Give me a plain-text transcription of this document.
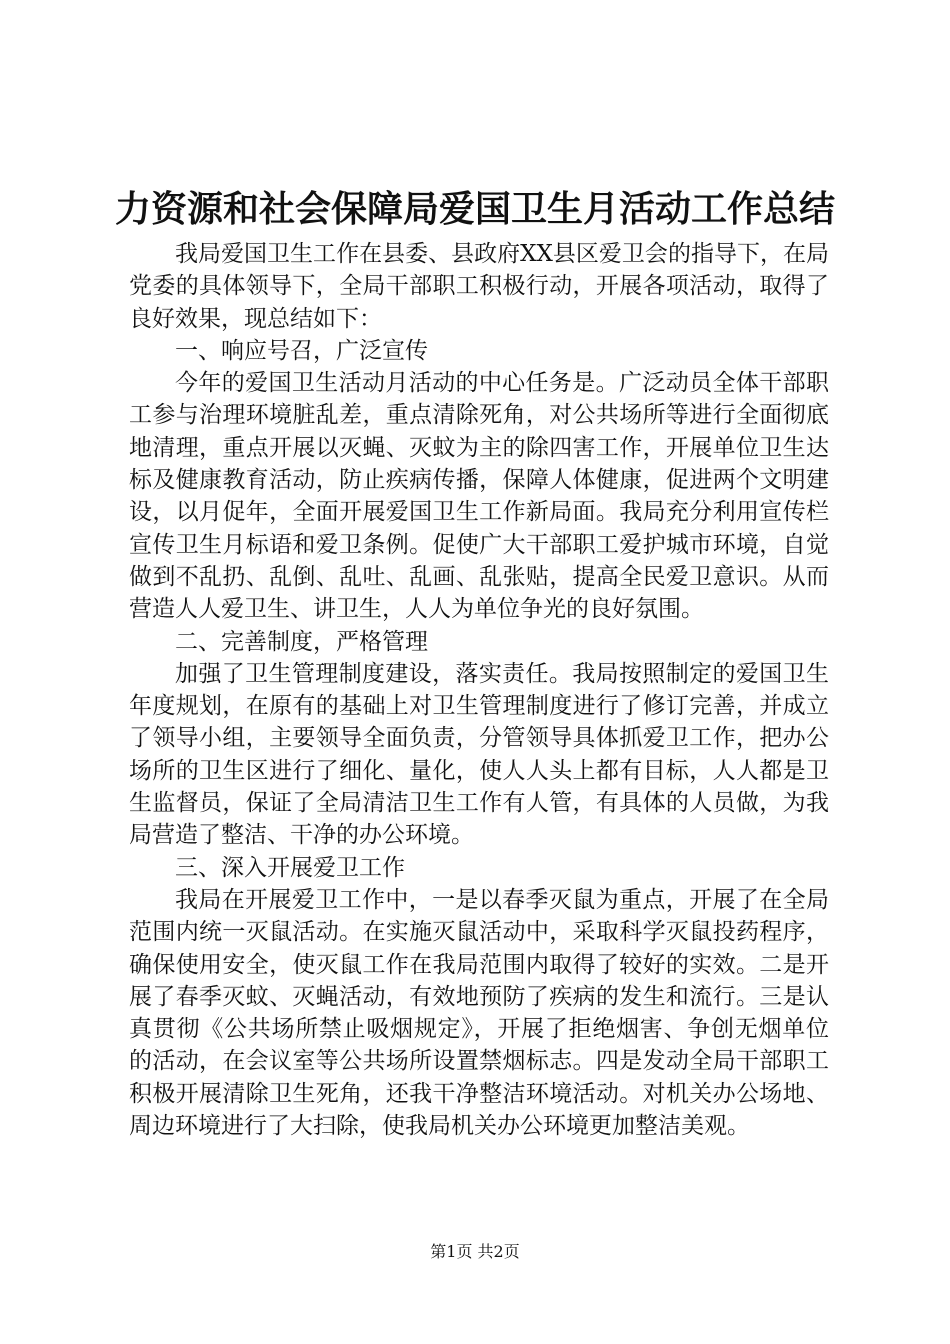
力资源和社会保障局爱国卫生月活动工作总结

我局爱国卫生工作在县委、县政府XX县区爱卫会的指导下，在局党委的具体领导下，全局干部职工积极行动，开展各项活动，取得了良好效果，现总结如下：

一、响应号召，广泛宣传

今年的爱国卫生活动月活动的中心任务是。广泛动员全体干部职工参与治理环境脏乱差，重点清除死角，对公共场所等进行全面彻底地清理，重点开展以灭蝇、灭蚊为主的除四害工作，开展单位卫生达标及健康教育活动，防止疾病传播，保障人体健康，促进两个文明建设，以月促年，全面开展爱国卫生工作新局面。我局充分利用宣传栏宣传卫生月标语和爱卫条例。促使广大干部职工爱护城市环境，自觉做到不乱扔、乱倒、乱吐、乱画、乱张贴，提高全民爱卫意识。从而营造人人爱卫生、讲卫生，人人为单位争光的良好氛围。

二、完善制度，严格管理

加强了卫生管理制度建设，落实责任。我局按照制定的爱国卫生年度规划，在原有的基础上对卫生管理制度进行了修订完善，并成立了领导小组，主要领导全面负责，分管领导具体抓爱卫工作，把办公场所的卫生区进行了细化、量化，使人人头上都有目标，人人都是卫生监督员，保证了全局清洁卫生工作有人管，有具体的人员做，为我局营造了整洁、干净的办公环境。

三、深入开展爱卫工作

我局在开展爱卫工作中，一是以春季灭鼠为重点，开展了在全局范围内统一灭鼠活动。在实施灭鼠活动中，采取科学灭鼠投药程序，确保使用安全，使灭鼠工作在我局范围内取得了较好的实效。二是开展了春季灭蚊、灭蝇活动，有效地预防了疾病的发生和流行。三是认真贯彻《公共场所禁止吸烟规定》，开展了拒绝烟害、争创无烟单位的活动，在会议室等公共场所设置禁烟标志。四是发动全局干部职工积极开展清除卫生死角，还我干净整洁环境活动。对机关办公场地、周边环境进行了大扫除，使我局机关办公环境更加整洁美观。

第1页 共2页
